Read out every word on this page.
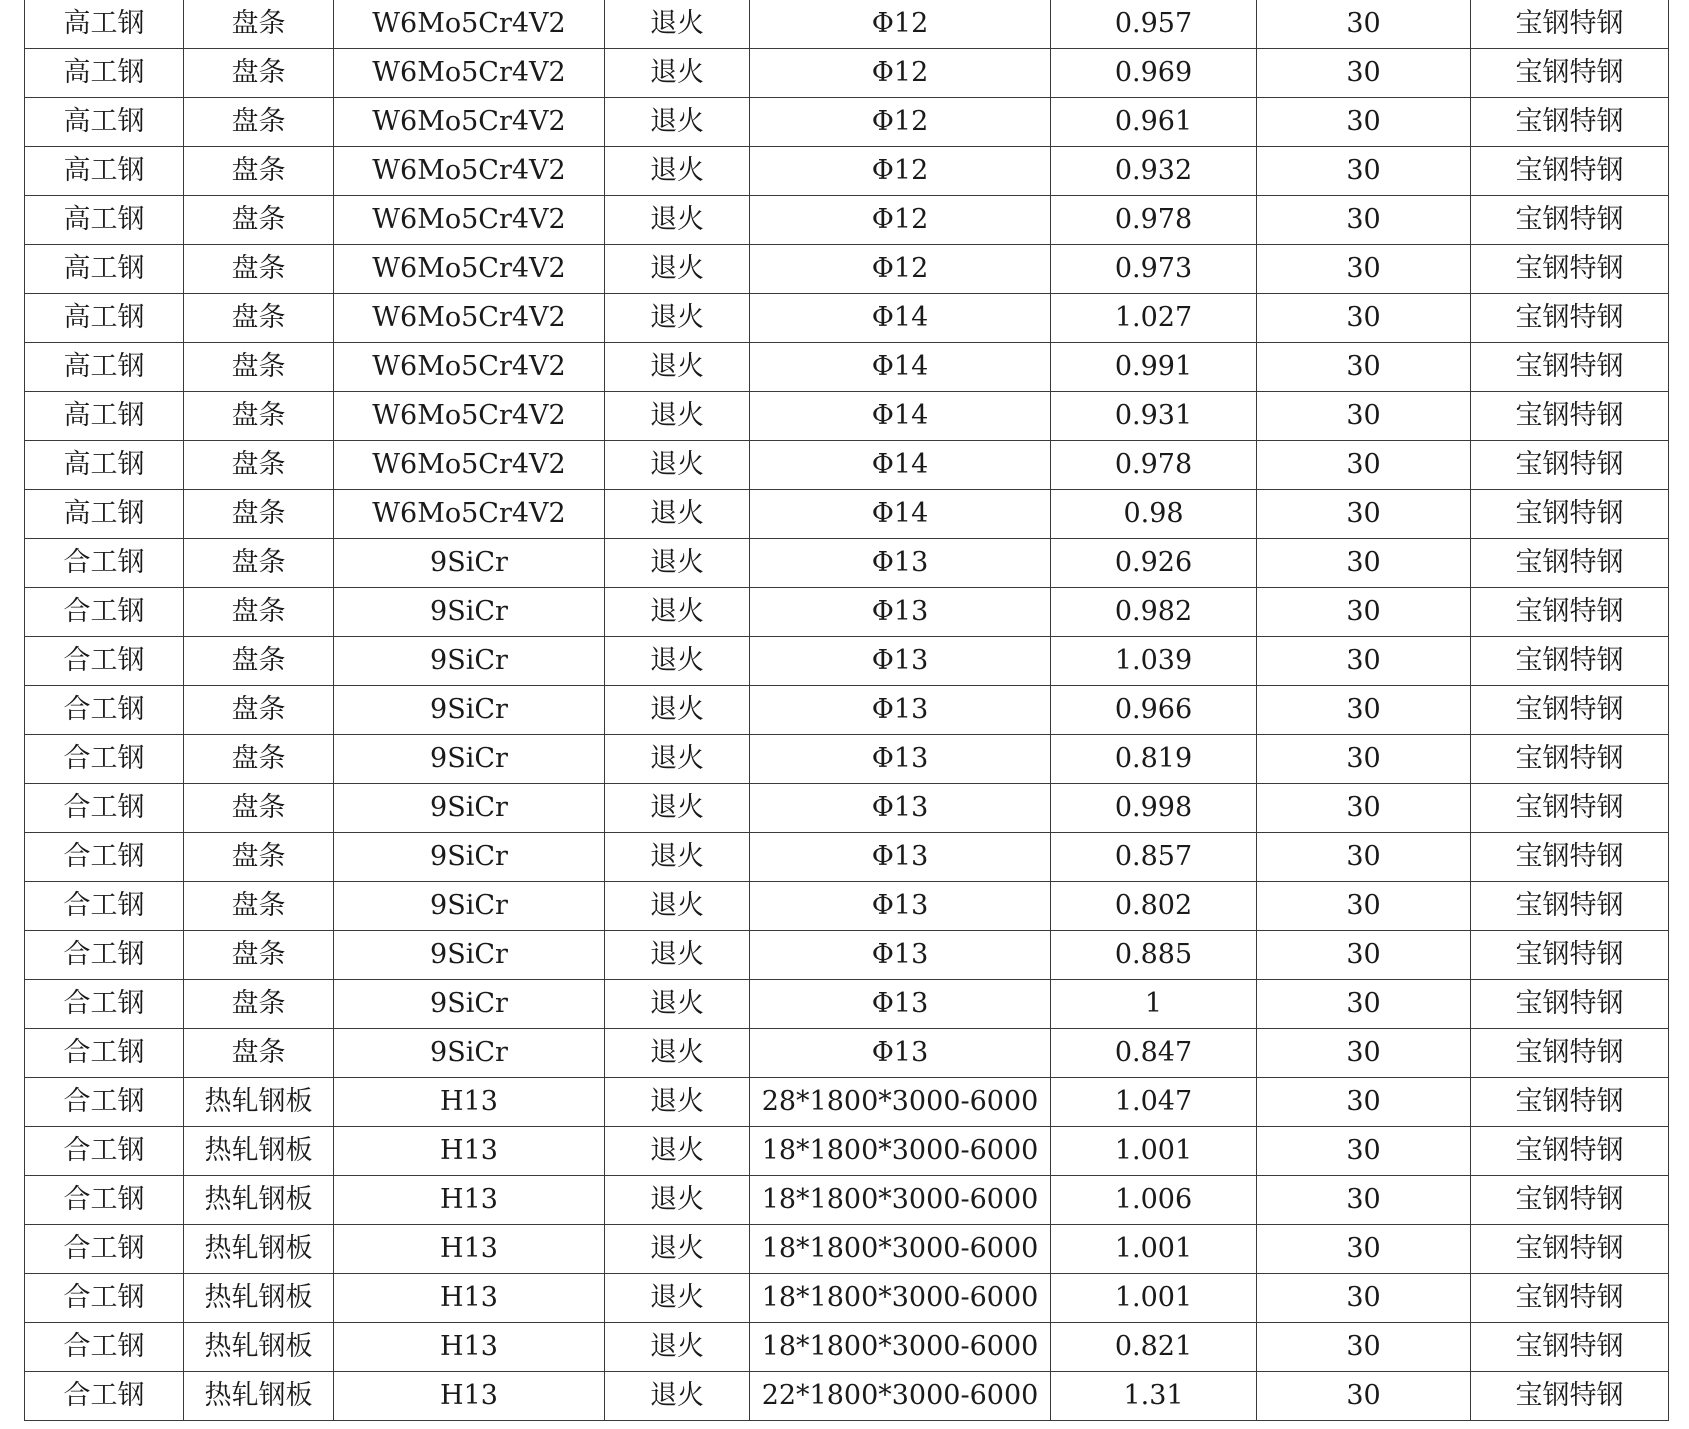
高工钢	盘条	W6Mo5Cr4V2	退火	Φ12	0.957	30	宝钢特钢
高工钢	盘条	W6Mo5Cr4V2	退火	Φ12	0.969	30	宝钢特钢
高工钢	盘条	W6Mo5Cr4V2	退火	Φ12	0.961	30	宝钢特钢
高工钢	盘条	W6Mo5Cr4V2	退火	Φ12	0.932	30	宝钢特钢
高工钢	盘条	W6Mo5Cr4V2	退火	Φ12	0.978	30	宝钢特钢
高工钢	盘条	W6Mo5Cr4V2	退火	Φ12	0.973	30	宝钢特钢
高工钢	盘条	W6Mo5Cr4V2	退火	Φ14	1.027	30	宝钢特钢
高工钢	盘条	W6Mo5Cr4V2	退火	Φ14	0.991	30	宝钢特钢
高工钢	盘条	W6Mo5Cr4V2	退火	Φ14	0.931	30	宝钢特钢
高工钢	盘条	W6Mo5Cr4V2	退火	Φ14	0.978	30	宝钢特钢
高工钢	盘条	W6Mo5Cr4V2	退火	Φ14	0.98	30	宝钢特钢
合工钢	盘条	9SiCr	退火	Φ13	0.926	30	宝钢特钢
合工钢	盘条	9SiCr	退火	Φ13	0.982	30	宝钢特钢
合工钢	盘条	9SiCr	退火	Φ13	1.039	30	宝钢特钢
合工钢	盘条	9SiCr	退火	Φ13	0.966	30	宝钢特钢
合工钢	盘条	9SiCr	退火	Φ13	0.819	30	宝钢特钢
合工钢	盘条	9SiCr	退火	Φ13	0.998	30	宝钢特钢
合工钢	盘条	9SiCr	退火	Φ13	0.857	30	宝钢特钢
合工钢	盘条	9SiCr	退火	Φ13	0.802	30	宝钢特钢
合工钢	盘条	9SiCr	退火	Φ13	0.885	30	宝钢特钢
合工钢	盘条	9SiCr	退火	Φ13	1	30	宝钢特钢
合工钢	盘条	9SiCr	退火	Φ13	0.847	30	宝钢特钢
合工钢	热轧钢板	H13	退火	28*1800*3000-6000	1.047	30	宝钢特钢
合工钢	热轧钢板	H13	退火	18*1800*3000-6000	1.001	30	宝钢特钢
合工钢	热轧钢板	H13	退火	18*1800*3000-6000	1.006	30	宝钢特钢
合工钢	热轧钢板	H13	退火	18*1800*3000-6000	1.001	30	宝钢特钢
合工钢	热轧钢板	H13	退火	18*1800*3000-6000	1.001	30	宝钢特钢
合工钢	热轧钢板	H13	退火	18*1800*3000-6000	0.821	30	宝钢特钢
合工钢	热轧钢板	H13	退火	22*1800*3000-6000	1.31	30	宝钢特钢
